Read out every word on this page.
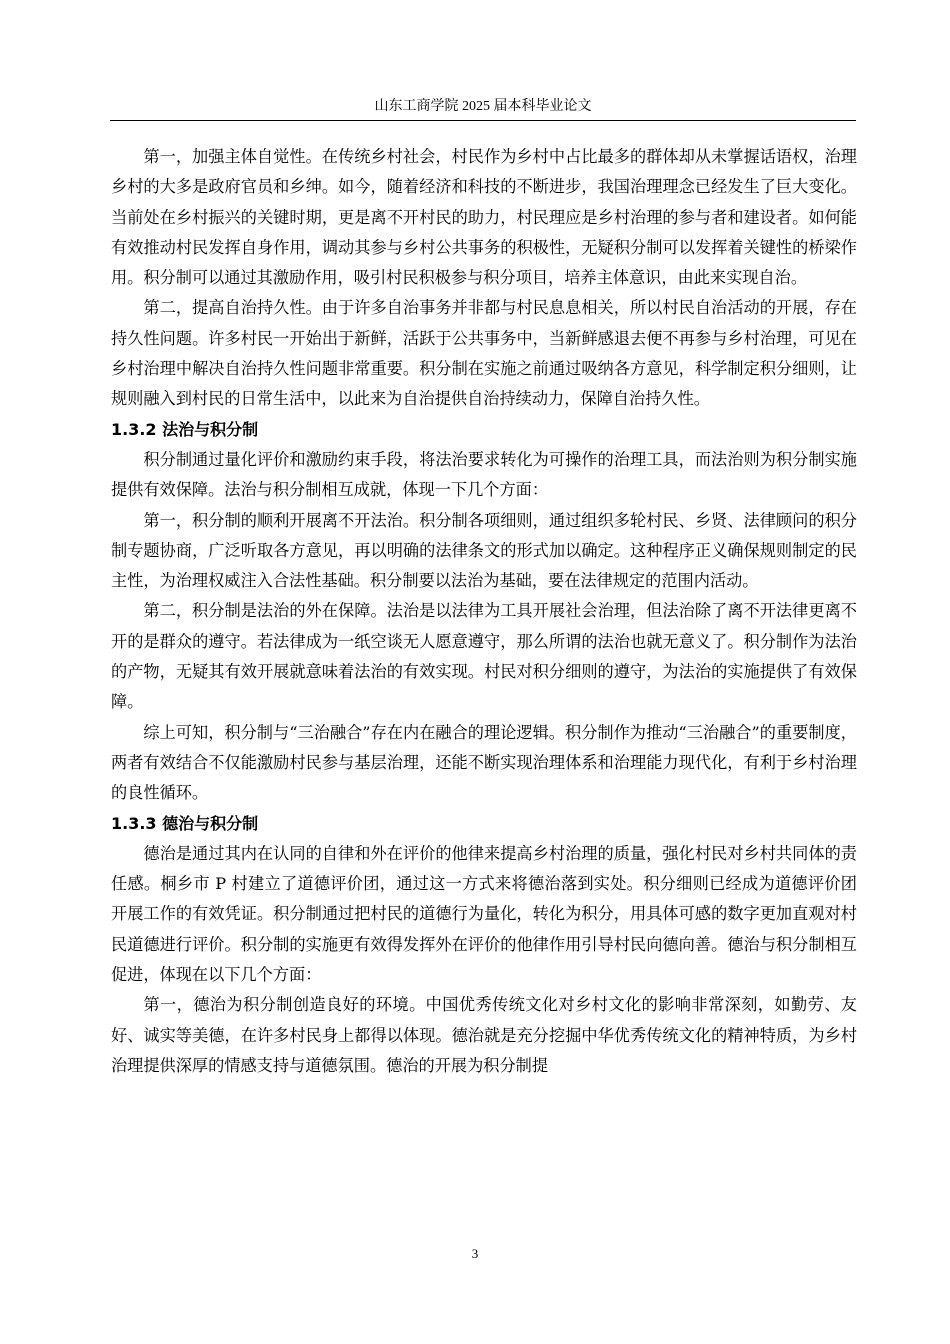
山东工商学院 2025 届本科毕业论文

第一，加强主体自觉性。在传统乡村社会，村民作为乡村中占比最多的群体却从未掌握话语权，治理乡村的大多是政府官员和乡绅。如今，随着经济和科技的不断进步，我国治理理念已经发生了巨大变化。当前处在乡村振兴的关键时期，更是离不开村民的助力，村民理应是乡村治理的参与者和建设者。如何能有效推动村民发挥自身作用，调动其参与乡村公共事务的积极性，无疑积分制可以发挥着关键性的桥梁作用。积分制可以通过其激励作用，吸引村民积极参与积分项目，培养主体意识，由此来实现自治。

第二，提高自治持久性。由于许多自治事务并非都与村民息息相关，所以村民自治活动的开展，存在持久性问题。许多村民一开始出于新鲜，活跃于公共事务中，当新鲜感退去便不再参与乡村治理，可见在乡村治理中解决自治持久性问题非常重要。积分制在实施之前通过吸纳各方意见，科学制定积分细则，让规则融入到村民的日常生活中，以此来为自治提供自治持续动力，保障自治持久性。

1.3.2 法治与积分制

积分制通过量化评价和激励约束手段，将法治要求转化为可操作的治理工具，而法治则为积分制实施提供有效保障。法治与积分制相互成就，体现一下几个方面：

第一，积分制的顺利开展离不开法治。积分制各项细则，通过组织多轮村民、乡贤、法律顾问的积分制专题协商，广泛听取各方意见，再以明确的法律条文的形式加以确定。这种程序正义确保规则制定的民主性，为治理权威注入合法性基础。积分制要以法治为基础，要在法律规定的范围内活动。

第二，积分制是法治的外在保障。法治是以法律为工具开展社会治理，但法治除了离不开法律更离不开的是群众的遵守。若法律成为一纸空谈无人愿意遵守，那么所谓的法治也就无意义了。积分制作为法治的产物，无疑其有效开展就意味着法治的有效实现。村民对积分细则的遵守，为法治的实施提供了有效保障。

综上可知，积分制与“三治融合”存在内在融合的理论逻辑。积分制作为推动“三治融合”的重要制度，两者有效结合不仅能激励村民参与基层治理，还能不断实现治理体系和治理能力现代化，有利于乡村治理的良性循环。

1.3.3 德治与积分制

德治是通过其内在认同的自律和外在评价的他律来提高乡村治理的质量，强化村民对乡村共同体的责任感。桐乡市 P 村建立了道德评价团，通过这一方式来将德治落到实处。积分细则已经成为道德评价团开展工作的有效凭证。积分制通过把村民的道德行为量化，转化为积分，用具体可感的数字更加直观对村民道德进行评价。积分制的实施更有效得发挥外在评价的他律作用引导村民向德向善。德治与积分制相互促进，体现在以下几个方面：

第一，德治为积分制创造良好的环境。中国优秀传统文化对乡村文化的影响非常深刻，如勤劳、友好、诚实等美德，在许多村民身上都得以体现。德治就是充分挖掘中华优秀传统文化的精神特质，为乡村治理提供深厚的情感支持与道德氛围。德治的开展为积分制提

3
